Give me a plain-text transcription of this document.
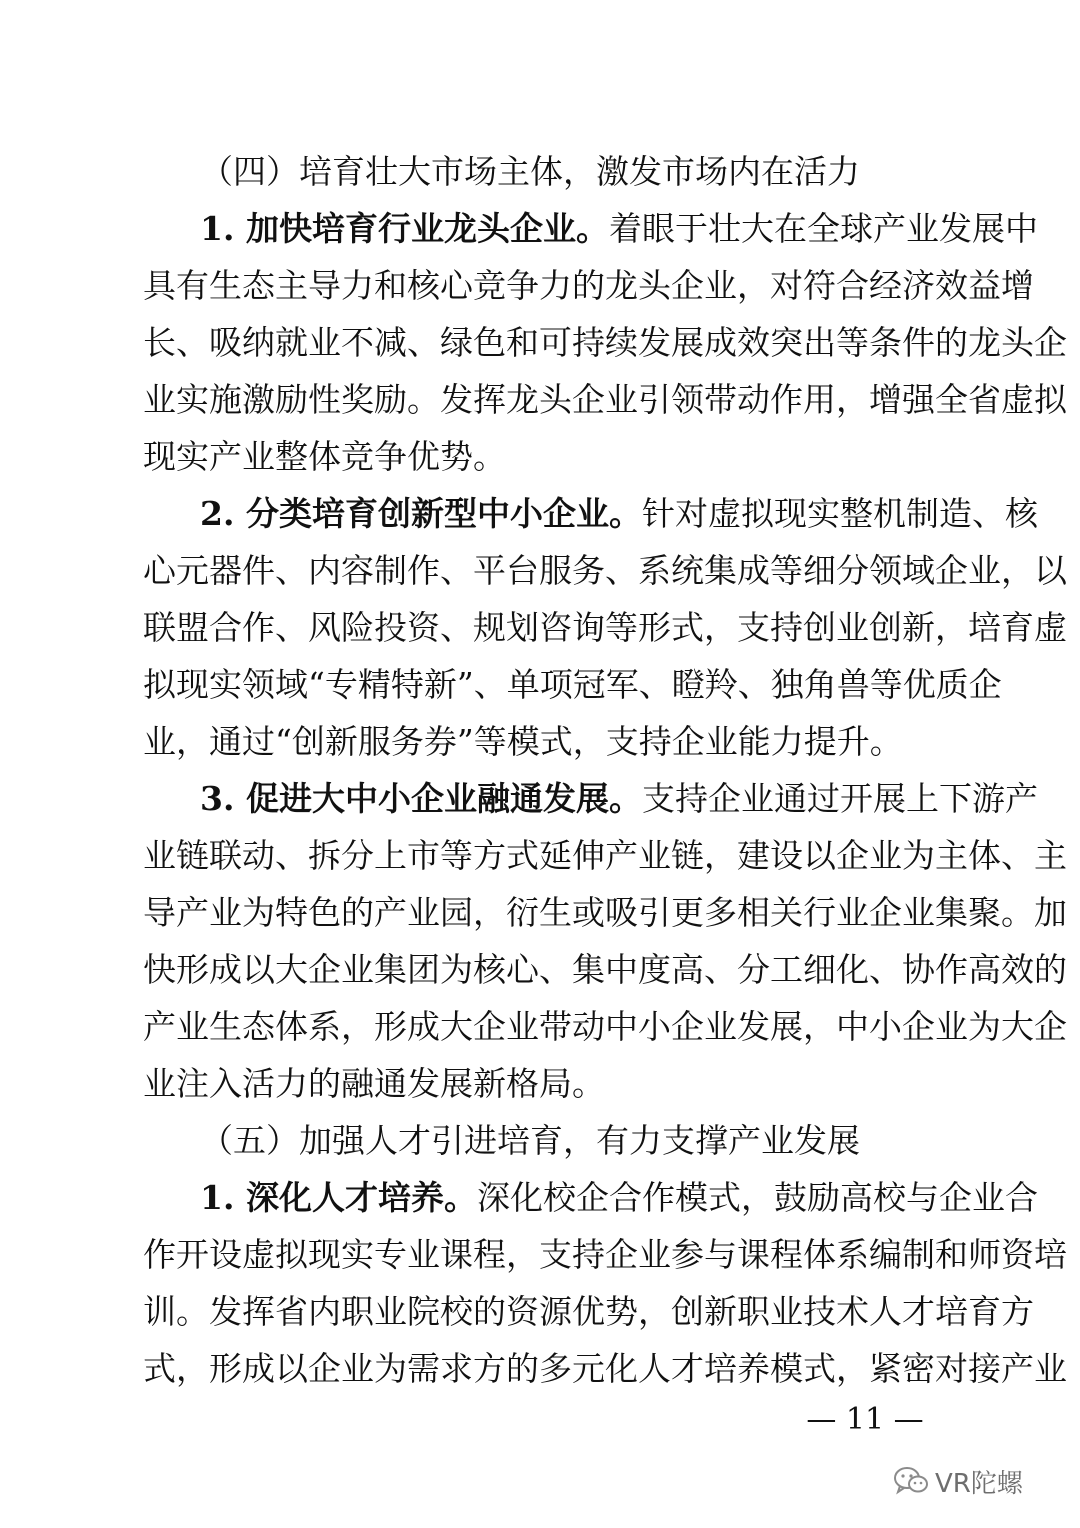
（四）培育壮大市场主体，激发市场内在活力
1. 加快培育行业龙头企业。着眼于壮大在全球产业发展中
具有生态主导力和核心竞争力的龙头企业，对符合经济效益增
长、吸纳就业不减、绿色和可持续发展成效突出等条件的龙头企
业实施激励性奖励。发挥龙头企业引领带动作用，增强全省虚拟
现实产业整体竞争优势。
2. 分类培育创新型中小企业。针对虚拟现实整机制造、核
心元器件、内容制作、平台服务、系统集成等细分领域企业，以
联盟合作、风险投资、规划咨询等形式，支持创业创新，培育虚
拟现实领域“专精特新”、单项冠军、瞪羚、独角兽等优质企
业，通过“创新服务券”等模式，支持企业能力提升。
3. 促进大中小企业融通发展。支持企业通过开展上下游产
业链联动、拆分上市等方式延伸产业链，建设以企业为主体、主
导产业为特色的产业园，衍生或吸引更多相关行业企业集聚。加
快形成以大企业集团为核心、集中度高、分工细化、协作高效的
产业生态体系，形成大企业带动中小企业发展，中小企业为大企
业注入活力的融通发展新格局。
（五）加强人才引进培育，有力支撑产业发展
1. 深化人才培养。深化校企合作模式，鼓励高校与企业合
作开设虚拟现实专业课程，支持企业参与课程体系编制和师资培
训。发挥省内职业院校的资源优势，创新职业技术人才培育方
式，形成以企业为需求方的多元化人才培养模式，紧密对接产业
— 11 —
VR陀螺
